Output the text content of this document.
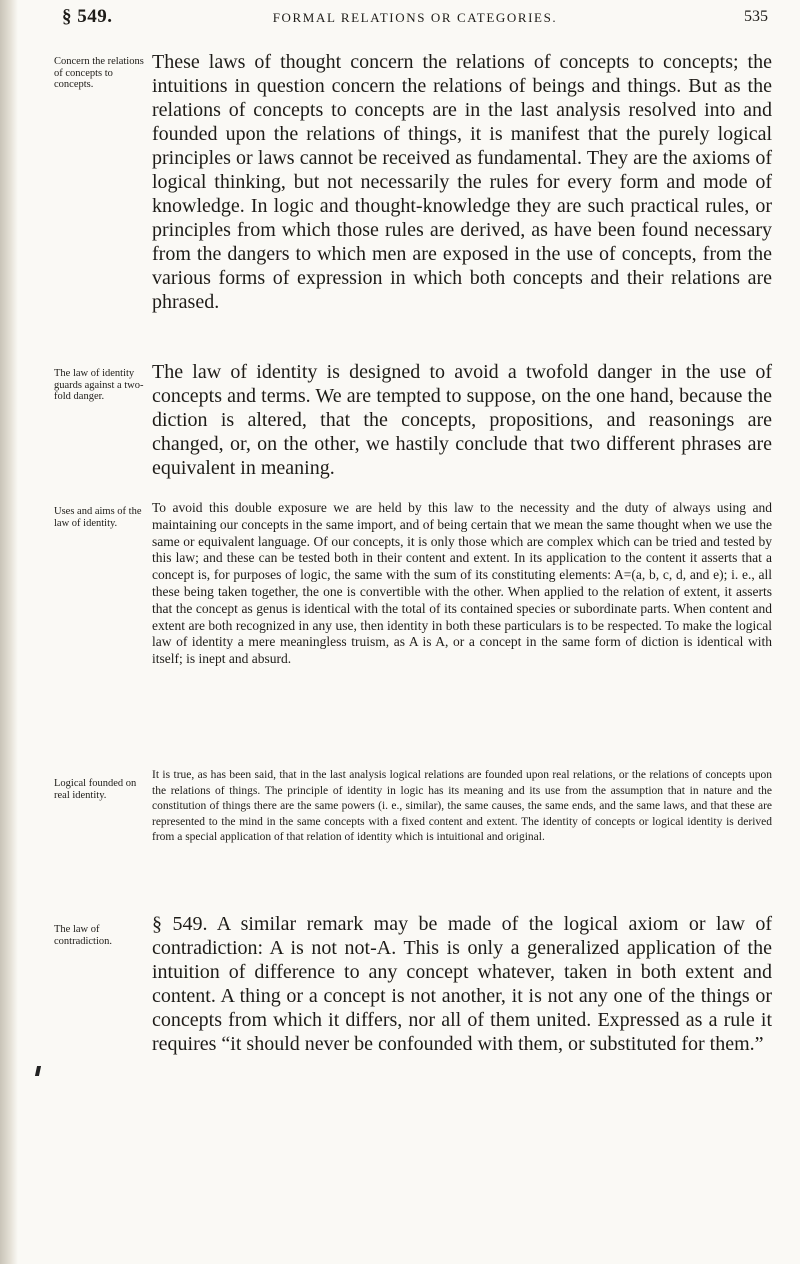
§ 549.	FORMAL RELATIONS OR CATEGORIES.	535
Concern the relations of concepts to concepts.
The law of identity guards against a two-fold danger.
Uses and aims of the law of identity.
Logical founded on real identity.
The law of contradiction.
These laws of thought concern the relations of concepts to concepts; the intuitions in question concern the relations of beings and things. But as the relations of concepts to concepts are in the last analysis resolved into and founded upon the relations of things, it is manifest that the purely logical principles or laws cannot be received as fundamental. They are the axioms of logical thinking, but not necessarily the rules for every form and mode of knowledge. In logic and thought-knowledge they are such practical rules, or principles from which those rules are derived, as have been found necessary from the dangers to which men are exposed in the use of concepts, from the various forms of expression in which both concepts and their relations are phrased.
The law of identity is designed to avoid a twofold danger in the use of concepts and terms. We are tempted to suppose, on the one hand, because the diction is altered, that the concepts, propositions, and reasonings are changed, or, on the other, we hastily conclude that two different phrases are equivalent in meaning.
To avoid this double exposure we are held by this law to the necessity and the duty of always using and maintaining our concepts in the same import, and of being certain that we mean the same thought when we use the same or equivalent language. Of our concepts, it is only those which are complex which can be tried and tested by this law; and these can be tested both in their content and extent. In its application to the content it asserts that a concept is, for purposes of logic, the same with the sum of its constituting elements: A=(a, b, c, d, and e); i. e., all these being taken together, the one is convertible with the other. When applied to the relation of extent, it asserts that the concept as genus is identical with the total of its contained species or subordinate parts. When content and extent are both recognized in any use, then identity in both these particulars is to be respected. To make the logical law of identity a mere meaningless truism, as A is A, or a concept in the same form of diction is identical with itself; is inept and absurd.
It is true, as has been said, that in the last analysis logical relations are founded upon real relations, or the relations of concepts upon the relations of things. The principle of identity in logic has its meaning and its use from the assumption that in nature and the constitution of things there are the same powers (i. e., similar), the same causes, the same ends, and the same laws, and that these are represented to the mind in the same concepts with a fixed content and extent. The identity of concepts or logical identity is derived from a special application of that relation of identity which is intuitional and original.
§ 549. A similar remark may be made of the logical axiom or law of contradiction: A is not not-A. This is only a generalized application of the intuition of difference to any concept whatever, taken in both extent and content. A thing or a concept is not another, it is not any one of the things or concepts from which it differs, nor all of them united. Expressed as a rule it requires “it should never be confounded with them, or substituted for them.”
